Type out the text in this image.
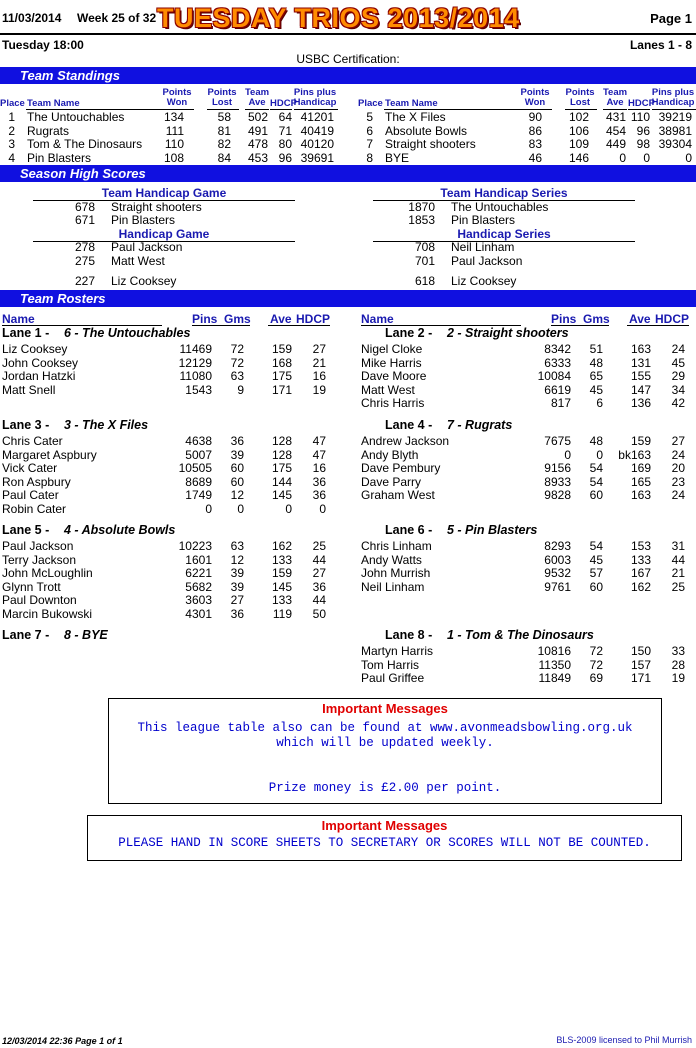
11/03/2014 Week 25 of 32 TUESDAY TRIOS 2013/2014	Page 1
Tuesday 18:00	Lanes 1 - 8
USBC Certification:
Team Standings
Place Team Name
Points Won
Points Lost
Team Ave HDCP
Pins plus Handicap
1 The Untouchables	134	58	502 64 41201
2 Rugrats	111	81	491 71 40419
3 Tom & The Dinosaurs	110	82	478 80 40120
4 Pin Blasters	108	84	453 96 39691
Place Team Name
Points Won
Points Lost
Team Ave HDCP
Pins plus Handicap
5 The X Files	90	102	431 110 39219
6 Absolute Bowls	86	106	454 96 38981
7 Straight shooters	83	109	449 98 39304
8 BYE	46	146	0	0	0
Season High Scores
Team Handicap Game
678 Straight shooters
671 Pin Blasters
Team Handicap Series
1870 The Untouchables
1853 Pin Blasters
Handicap Game
278 Paul Jackson
275 Matt West
227 Liz Cooksey
Handicap Series
708 Neil Linham
701 Paul Jackson
618 Liz Cooksey
Team Rosters
Name	Pins Gms Ave HDCP	Name	Pins Gms Ave HDCP
Lane 1 - 6 - The Untouchables
Liz Cooksey	11469	72	159	27
John Cooksey	12129	72	168	21
Jordan Hatzki	11080	63	175	16
Matt Snell	1543	9	171	19
Lane 2 - 2 - Straight shooters
Nigel Cloke	8342	51	163	24
Mike Harris	6333	48	131	45
Dave Moore	10084	65	155	29
Matt West	6619	45	147	34
Chris Harris	817	6	136	42
Lane 3 - 3 - The X Files
Chris Cater	4638	36	128	47
Margaret Aspbury	5007	39	128	47
Vick Cater	10505	60	175	16
Ron Aspbury	8689	60	144	36
Paul Cater	1749	12	145	36
Robin Cater	0	0	0	0
Lane 4 - 7 - Rugrats
Andrew Jackson	7675	48	159	27
Andy Blyth	0	0	bk163	24
Dave Pembury	9156	54	169	20
Dave Parry	8933	54	165	23
Graham West	9828	60	163	24
Lane 5 - 4 - Absolute Bowls
Paul Jackson	10223	63	162	25
Terry Jackson	1601	12	133	44
John McLoughlin	6221	39	159	27
Glynn Trott	5682	39	145	36
Paul Downton	3603	27	133	44
Marcin Bukowski	4301	36	119	50
Lane 6 - 5 - Pin Blasters
Chris Linham	8293	54	153	31
Andy Watts	6003	45	133	44
John Murrish	9532	57	167	21
Neil Linham	9761	60	162	25
Lane 7 - 8 - BYE	Lane 8 - 1 - Tom & The Dinosaurs
Martyn Harris	10816	72	150	33
Tom Harris	11350	72	157	28
Paul Griffee	11849	69	171	19
Important Messages
This league table also can be found at www.avonmeadsbowling.org.uk
which will be updated weekly.
Prize money is £2.00 per point.
Important Messages
PLEASE HAND IN SCORE SHEETS TO SECRETARY OR SCORES WILL NOT BE COUNTED.
12/03/2014 22:36 Page 1 of 1	BLS-2009 licensed to Phil Murrish
